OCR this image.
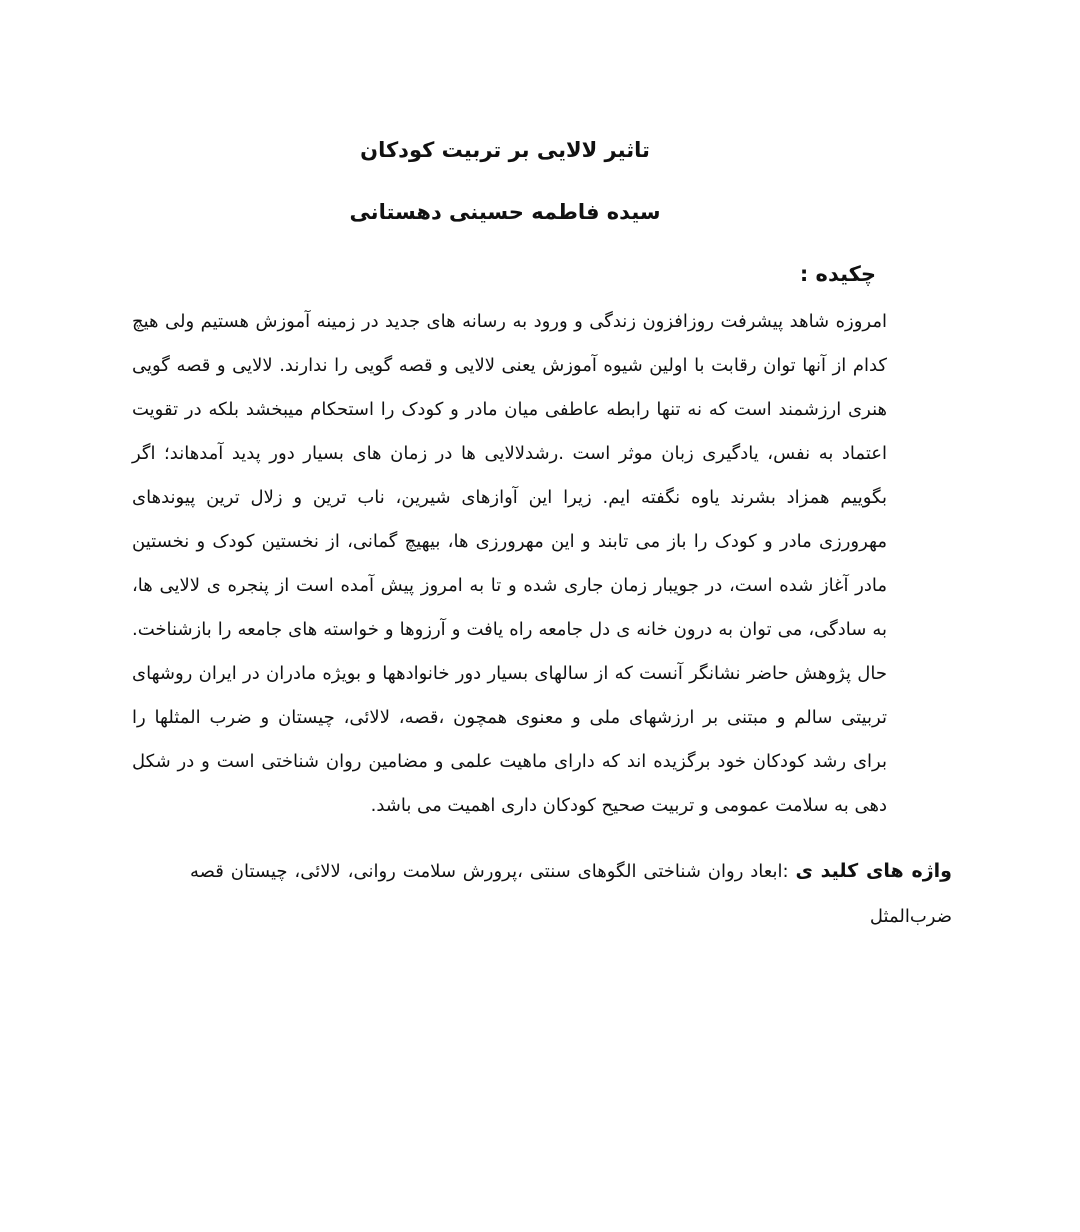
تاثیر لالایی بر تربیت کودکان
سیده فاطمه حسینی دهستانی
چکیده :
امروزه شاهد پیشرفت روزافزون زندگی و ورود به رسانه های جدید در زمینه آموزش هستیم ولی هیچ
کدام از آنها توان رقابت با اولین شیوه آموزش یعنی لالایی و قصه گویی را ندارند. لالایی و قصه گویی
هنری ارزشمند است که نه تنها رابطه عاطفی میان مادر و کودک را استحکام میبخشد بلکه در تقویت
اعتماد به نفس، یادگیری زبان موثر است .رشدلالایی ها در زمان های بسیار دور پدید آمدهاند؛ اگر
بگوییم همزاد بشرند یاوه نگفته ایم. زیرا این آوازهای شیرین، ناب ترین و زلال ترین پیوندهای
مهرورزی مادر و کودک را باز می تابند و این مهرورزی ها، بیهیچ گمانی، از نخستین کودک و نخستین
مادر آغاز شده است، در جویبار زمان جاری شده و تا به امروز پیش آمده است از پنجره ی لالایی ها،
به سادگی، می توان به درون خانه ی دل جامعه راه یافت و آرزوها و خواسته های جامعه را بازشناخت.
حال پژوهش حاضر نشانگر آنست که از سالهای بسیار دور خانوادهها و بویژه مادران در ایران روشهای
تربیتی سالم و مبتنی بر ارزشهای ملی و معنوی همچون ،قصه، لالائی، چیستان و ضرب المثلها را
برای رشد کودکان خود برگزیده اند که دارای ماهیت علمی و مضامین روان شناختی است و در شکل
دهی به سلامت عمومی و تربیت صحیح کودکان داری اهمیت می باشد.
واژه های کلید ی :ابعاد روان شناختی الگوهای سنتی ،پرورش سلامت روانی، لالائی، چیستان قصه
ضرب‌المثل
